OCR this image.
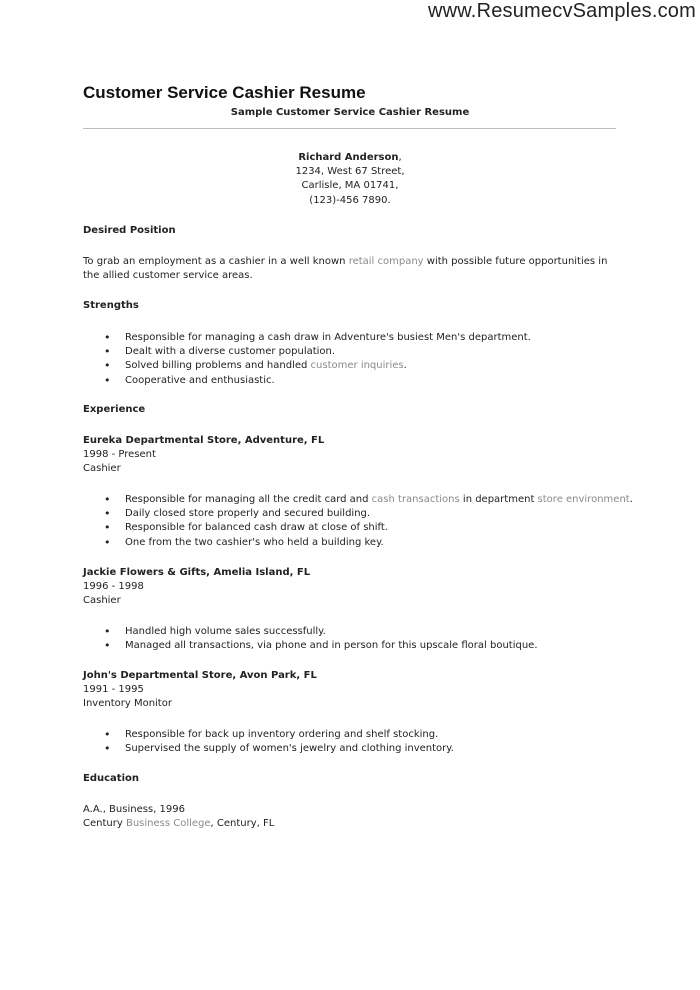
www.ResumecvSamples.com
Customer Service Cashier Resume
Sample Customer Service Cashier Resume
Richard Anderson,
1234, West 67 Street,
Carlisle, MA 01741,
(123)-456 7890.
Desired Position
To grab an employment as a cashier in a well known retail company with possible future opportunities in the allied customer service areas.
Strengths
• Responsible for managing a cash draw in Adventure's busiest Men's department.
• Dealt with a diverse customer population.
• Solved billing problems and handled customer inquiries.
• Cooperative and enthusiastic.
Experience
Eureka Departmental Store, Adventure, FL
1998 - Present
Cashier
• Responsible for managing all the credit card and cash transactions in department store environment.
• Daily closed store properly and secured building.
• Responsible for balanced cash draw at close of shift.
• One from the two cashier's who held a building key.
Jackie Flowers & Gifts, Amelia Island, FL
1996 - 1998
Cashier
• Handled high volume sales successfully.
• Managed all transactions, via phone and in person for this upscale floral boutique.
John's Departmental Store, Avon Park, FL
1991 - 1995
Inventory Monitor
• Responsible for back up inventory ordering and shelf stocking.
• Supervised the supply of women's jewelry and clothing inventory.
Education
A.A., Business, 1996
Century Business College, Century, FL
